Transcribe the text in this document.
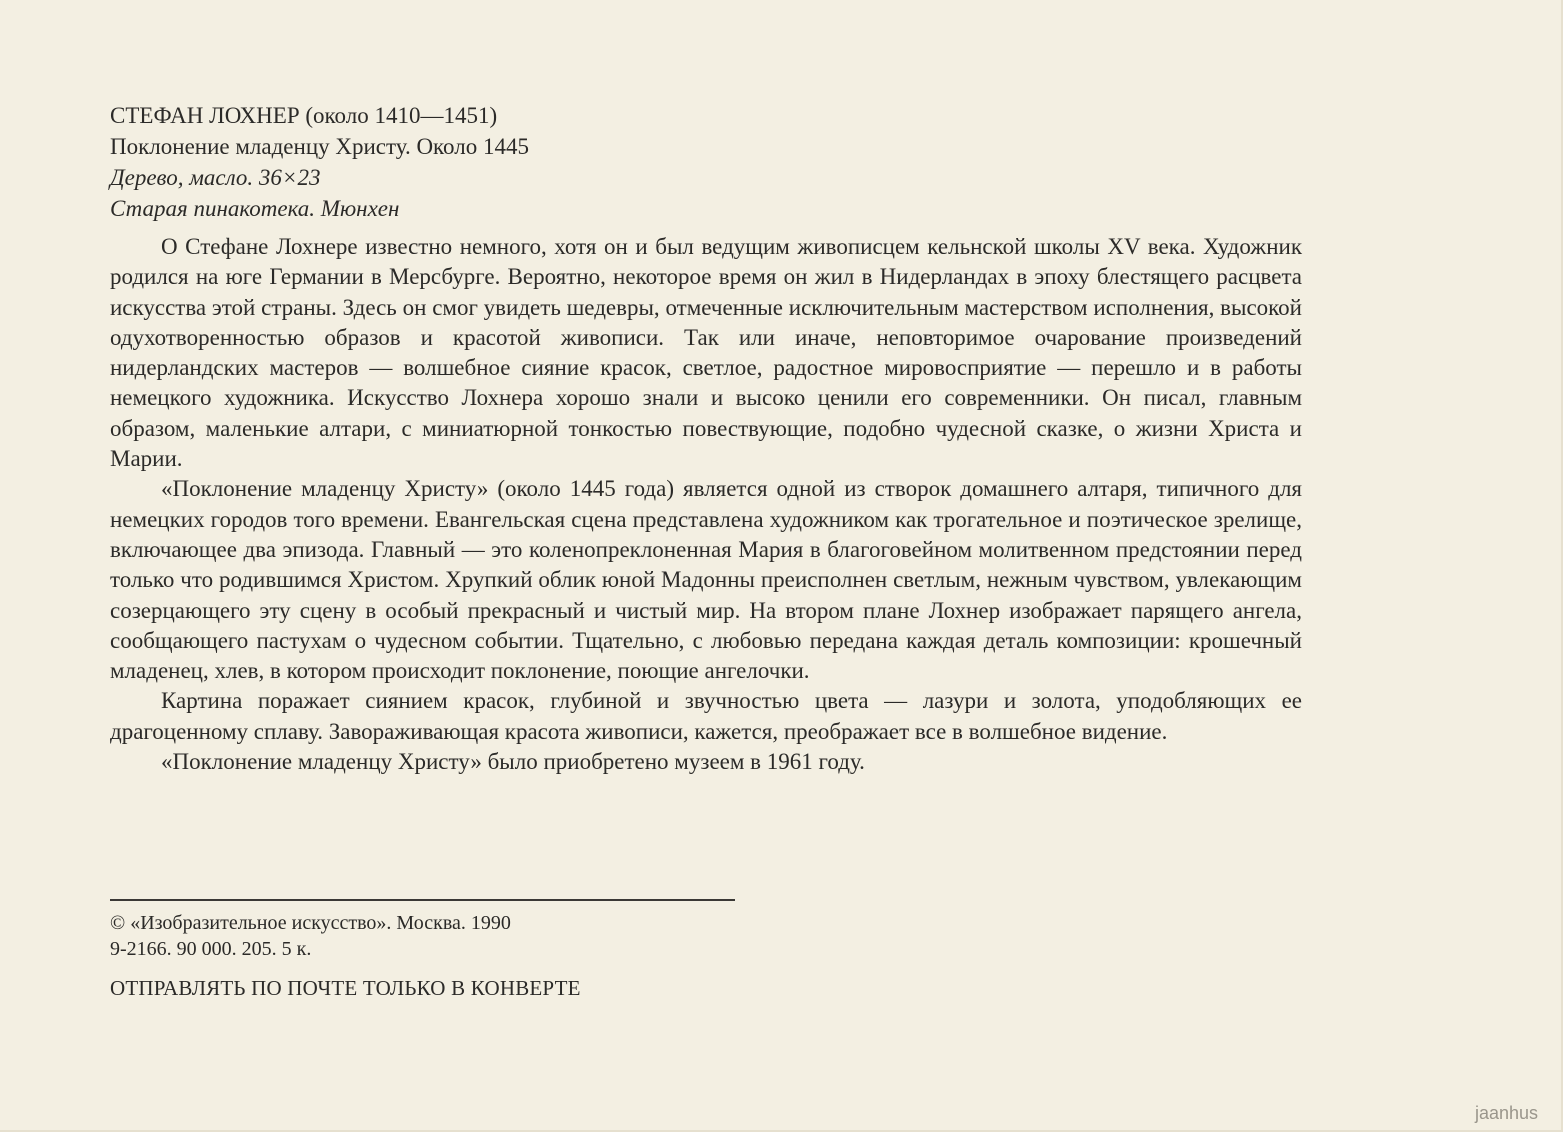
СТЕФАН ЛОХНЕР (около 1410—1451)
Поклонение младенцу Христу. Около 1445
Дерево, масло. 36×23
Старая пинакотека. Мюнхен

О Стефане Лохнере известно немного, хотя он и был ведущим живописцем кельнской школы XV века. Художник родился на юге Германии в Мерсбурге. Вероятно, некоторое время он жил в Нидерландах в эпоху блестящего расцвета искусства этой страны. Здесь он смог увидеть шедевры, отмеченные исключительным мастерством исполнения, высокой одухотворенностью образов и красотой живописи. Так или иначе, неповторимое очарование произведений нидерландских мастеров — волшебное сияние красок, светлое, радостное мировосприятие — перешло и в работы немецкого художника. Искусство Лохнера хорошо знали и высоко ценили его современники. Он писал, главным образом, маленькие алтари, с миниатюрной тонкостью повествующие, подобно чудесной сказке, о жизни Христа и Марии.

«Поклонение младенцу Христу» (около 1445 года) является одной из створок домашнего алтаря, типичного для немецких городов того времени. Евангельская сцена представлена художником как трогательное и поэтическое зрелище, включающее два эпизода. Главный — это коленопреклоненная Мария в благоговейном молитвенном предстоянии перед только что родившимся Христом. Хрупкий облик юной Мадонны преисполнен светлым, нежным чувством, увлекающим созерцающего эту сцену в особый прекрасный и чистый мир. На втором плане Лохнер изображает парящего ангела, сообщающего пастухам о чудесном событии. Тщательно, с любовью передана каждая деталь композиции: крошечный младенец, хлев, в котором происходит поклонение, поющие ангелочки.

Картина поражает сиянием красок, глубиной и звучностью цвета — лазури и золота, уподобляющих ее драгоценному сплаву. Завораживающая красота живописи, кажется, преображает все в волшебное видение.

«Поклонение младенцу Христу» было приобретено музеем в 1961 году.

© «Изобразительное искусство». Москва. 1990
9-2166. 90 000. 205. 5 к.
ОТПРАВЛЯТЬ ПО ПОЧТЕ ТОЛЬКО В КОНВЕРТЕ
jaanhus
